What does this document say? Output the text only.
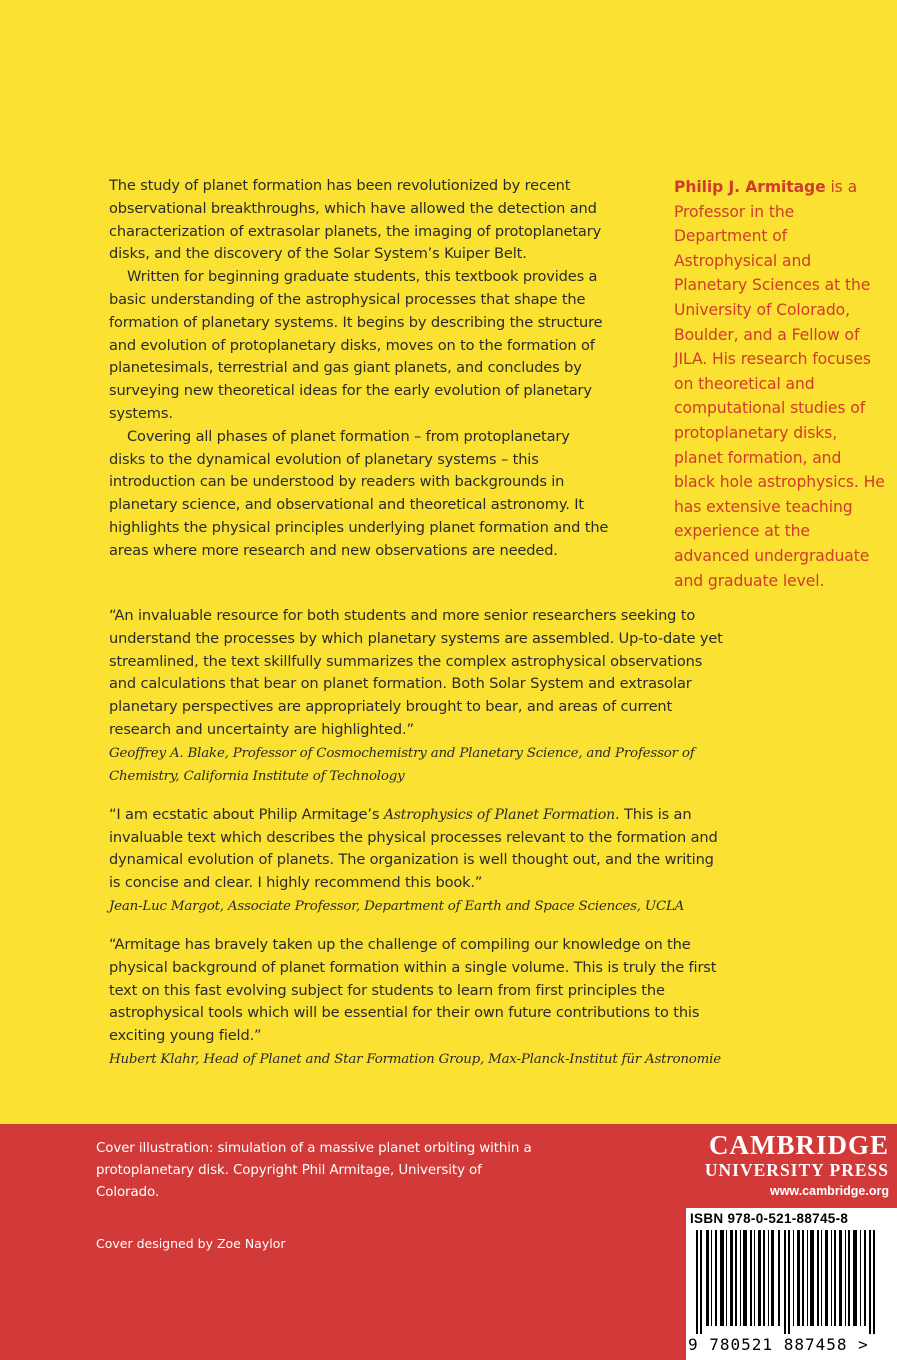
The study of planet formation has been revolutionized by recent observational breakthroughs, which have allowed the detection and characterization of extrasolar planets, the imaging of protoplanetary disks, and the discovery of the Solar System’s Kuiper Belt.

Written for beginning graduate students, this textbook provides a basic understanding of the astrophysical processes that shape the formation of planetary systems. It begins by describing the structure and evolution of protoplanetary disks, moves on to the formation of planetesimals, terrestrial and gas giant planets, and concludes by surveying new theoretical ideas for the early evolution of planetary systems.

Covering all phases of planet formation – from protoplanetary disks to the dynamical evolution of planetary systems – this introduction can be understood by readers with backgrounds in planetary science, and observational and theoretical astronomy. It highlights the physical principles underlying planet formation and the areas where more research and new observations are needed.

Philip J. Armitage is a Professor in the Department of Astrophysical and Planetary Sciences at the University of Colorado, Boulder, and a Fellow of JILA. His research focuses on theoretical and computational studies of protoplanetary disks, planet formation, and black hole astrophysics. He has extensive teaching experience at the advanced undergraduate and graduate level.

“An invaluable resource for both students and more senior researchers seeking to understand the processes by which planetary systems are assembled. Up-to-date yet streamlined, the text skillfully summarizes the complex astrophysical observations and calculations that bear on planet formation. Both Solar System and extrasolar planetary perspectives are appropriately brought to bear, and areas of current research and uncertainty are highlighted.”

Geoffrey A. Blake, Professor of Cosmochemistry and Planetary Science, and Professor of Chemistry, California Institute of Technology

“I am ecstatic about Philip Armitage’s Astrophysics of Planet Formation. This is an invaluable text which describes the physical processes relevant to the formation and dynamical evolution of planets. The organization is well thought out, and the writing is concise and clear. I highly recommend this book.”

Jean-Luc Margot, Associate Professor, Department of Earth and Space Sciences, UCLA

“Armitage has bravely taken up the challenge of compiling our knowledge on the physical background of planet formation within a single volume. This is truly the first text on this fast evolving subject for students to learn from first principles the astrophysical tools which will be essential for their own future contributions to this exciting young field.”

Hubert Klahr, Head of Planet and Star Formation Group, Max-Planck-Institut für Astronomie

Cover illustration: simulation of a massive planet orbiting within a protoplanetary disk. Copyright Phil Armitage, University of Colorado.
Cover designed by Zoe Naylor
CAMBRIDGE
UNIVERSITY PRESS
www.cambridge.org
ISBN 978-0-521-88745-8
9 780521 887458 >
